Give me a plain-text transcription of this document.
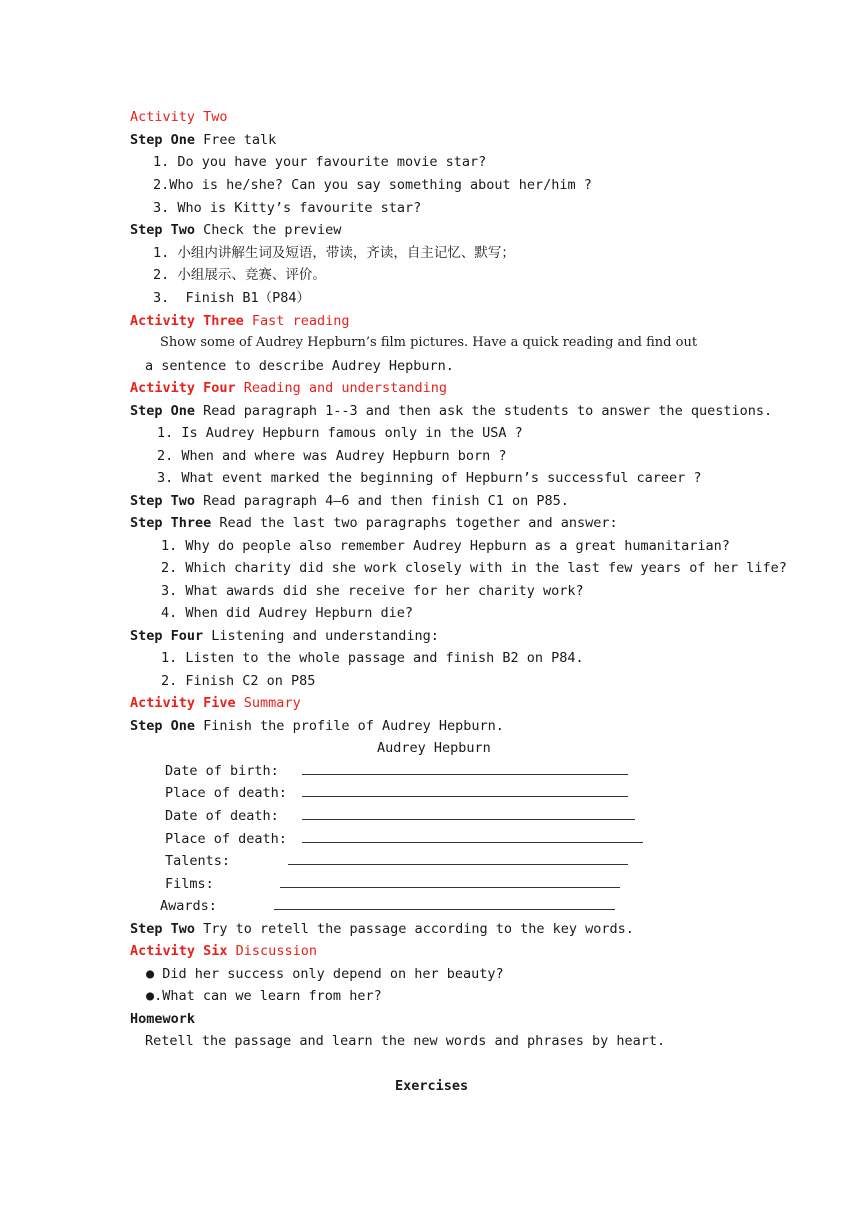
Activity Two
Step One Free talk
1. Do you have your favourite movie star?
2.Who is he/she? Can you say something about her/him ?
3. Who is Kitty’s favourite star?
Step Two Check the preview
1. 小组内讲解生词及短语，带读，齐读，自主记忆、默写；
2. 小组展示、竞赛、评价。
3.  Finish B1（P84）
Activity Three Fast reading
Show some of Audrey Hepburn’s film pictures. Have a quick reading and find out
a sentence to describe Audrey Hepburn.
Activity Four Reading and understanding
Step One Read paragraph 1--3 and then ask the students to answer the questions.
1. Is Audrey Hepburn famous only in the USA ?
2. When and where was Audrey Hepburn born ?
3. What event marked the beginning of Hepburn’s successful career ?
Step Two Read paragraph 4—6 and then finish C1 on P85.
Step Three Read the last two paragraphs together and answer:
1. Why do people also remember Audrey Hepburn as a great humanitarian?
2. Which charity did she work closely with in the last few years of her life?
3. What awards did she receive for her charity work?
4. When did Audrey Hepburn die?
Step Four Listening and understanding:
1. Listen to the whole passage and finish B2 on P84.
2. Finish C2 on P85
Activity Five Summary
Step One Finish the profile of Audrey Hepburn.
Audrey Hepburn
Date of birth:
Place of death:
Date of death:
Place of death:
Talents:
Films:
Awards:
Step Two Try to retell the passage according to the key words.
Activity Six Discussion
● Did her success only depend on her beauty?
●.What can we learn from her?
Homework
Retell the passage and learn the new words and phrases by heart.
Exercises
